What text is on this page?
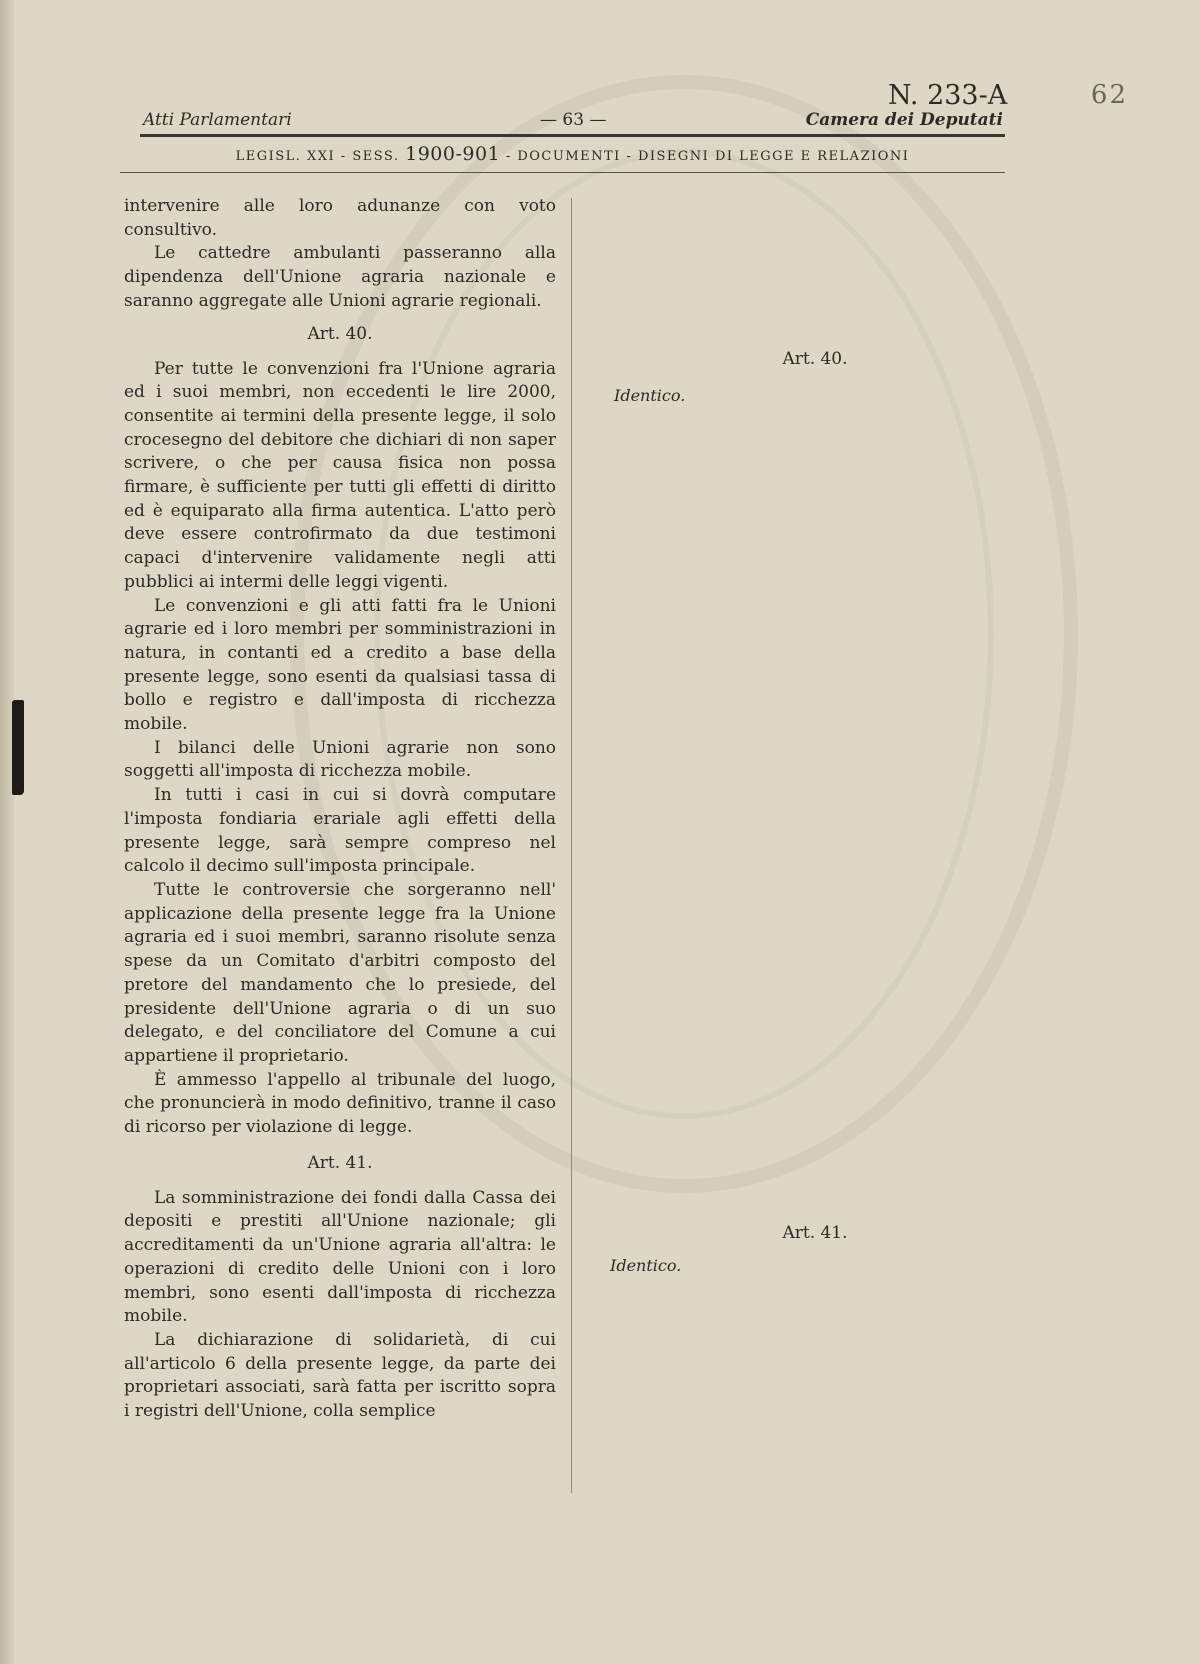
62
N. 233-A
Atti Parlamentari	— 63 —	Camera dei Deputati
LEGISL. XXI - SESS. 1900-901 - DOCUMENTI - DISEGNI DI LEGGE E RELAZIONI

intervenire alle loro adunanze con voto consultivo.

Le cattedre ambulanti passeranno alla dipendenza dell'Unione agraria nazionale e saranno aggregate alle Unioni agrarie regionali.

Art. 40.

Per tutte le convenzioni fra l'Unione agraria ed i suoi membri, non eccedenti le lire 2000, consentite ai termini della presente legge, il solo crocesegno del debitore che dichiari di non saper scrivere, o che per causa fisica non possa firmare, è sufficiente per tutti gli effetti di diritto ed è equiparato alla firma autentica. L'atto però deve essere controfirmato da due testimoni capaci d'intervenire validamente negli atti pubblici ai intermi delle leggi vigenti.

Le convenzioni e gli atti fatti fra le Unioni agrarie ed i loro membri per somministrazioni in natura, in contanti ed a credito a base della presente legge, sono esenti da qualsiasi tassa di bollo e registro e dall'imposta di ricchezza mobile.

I bilanci delle Unioni agrarie non sono soggetti all'imposta di ricchezza mobile.

In tutti i casi in cui si dovrà computare l'imposta fondiaria erariale agli effetti della presente legge, sarà sempre compreso nel calcolo il decimo sull'imposta principale.

Tutte le controversie che sorgeranno nell' applicazione della presente legge fra la Unione agraria ed i suoi membri, saranno risolute senza spese da un Comitato d'arbitri composto del pretore del mandamento che lo presiede, del presidente dell'Unione agraria o di un suo delegato, e del conciliatore del Comune a cui appartiene il proprietario.

È ammesso l'appello al tribunale del luogo, che pronuncierà in modo definitivo, tranne il caso di ricorso per violazione di legge.

Art. 41.

La somministrazione dei fondi dalla Cassa dei depositi e prestiti all'Unione nazionale; gli accreditamenti da un'Unione agraria all'altra: le operazioni di credito delle Unioni con i loro membri, sono esenti dall'imposta di ricchezza mobile.

La dichiarazione di solidarietà, di cui all'articolo 6 della presente legge, da parte dei proprietari associati, sarà fatta per iscritto sopra i registri dell'Unione, colla semplice

Art. 40.
Identico.
Art. 41.
Identico.
